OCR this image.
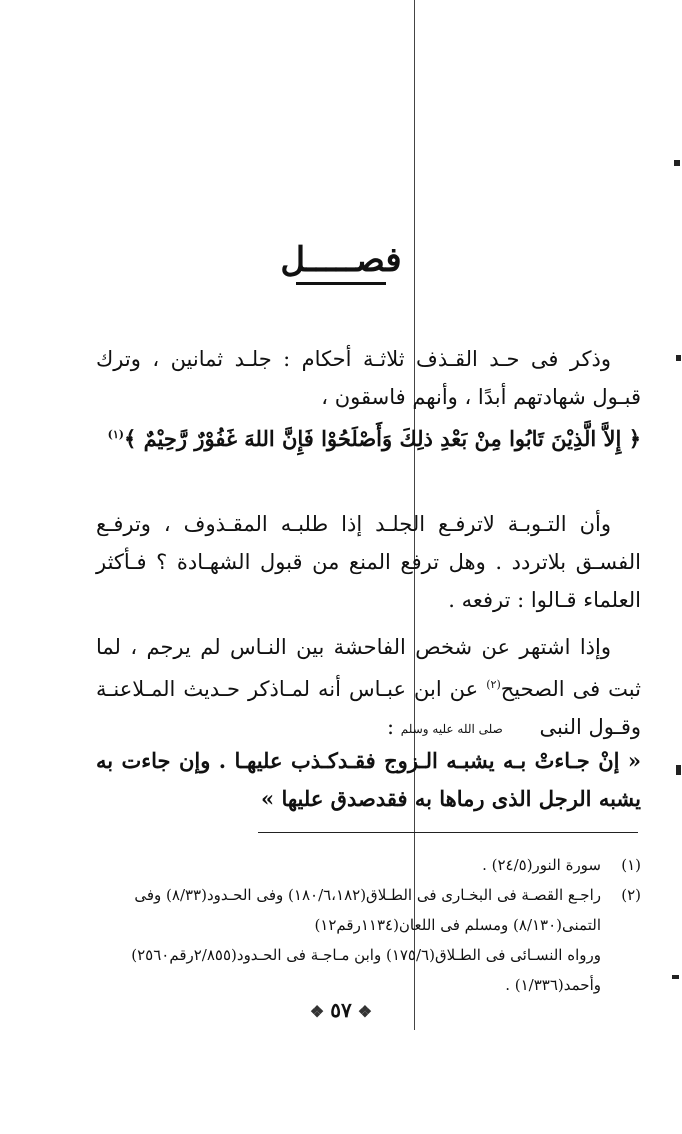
فصـــــل
وذكر فى حـد القـذف ثلاثـة أحكام : جلـد ثمانين ، وترك قبـول شهادتهم أبدًا ، وأنهم فاسقون ،
﴿ إِلاَّ الَّذِيْنَ تَابُوا مِنْ بَعْدِ ذلِكَ وَأَصْلَحُوْا فَإِنَّ اللهَ غَفُوْرٌ رَّحِيْمٌ ﴾$^{(١)}$
وأن التـوبـة لاترفـع الجلـد إذا طلبـه المقـذوف ، وترفـع الفسـق بلاتردد . وهل ترفع المنع من قبول الشهـادة ؟ فـأكثر العلماء قـالوا : ترفعه .
وإذا اشتهر عن شخص الفاحشة بين النـاس لم يرجم ، لما ثبت فى الصحيح$^{(٢)}$ عن ابن عبـاس أنه لمـاذكر حـديث المـلاعنـة وقـول النبى صلى الله عليه وسلم :
« إنْ جـاءتْ بـه يشبـه الـزوج فقـدكـذب عليهـا . وإن جاءت به يشبه الرجل الذى رماها به فقدصدق عليها »
(١)سورة النور(٢٤/٥) .
(٢)راجـع القصـة فى البخـارى فى الطـلاق(١٨٠/٦،١٨٢) وفى الحـدود(٨/٣٣) وفى
التمنى(٨/١٣٠) ومسلم فى اللعان(١١٣٤رقم١٢)
ورواه النسـائى فى الطـلاق(١٧٥/٦) وابن مـاجـة فى الحـدود(٢/٨٥٥رقم٢٥٦٠)
وأحمد(١/٣٣٦) .
❖٥٧❖
